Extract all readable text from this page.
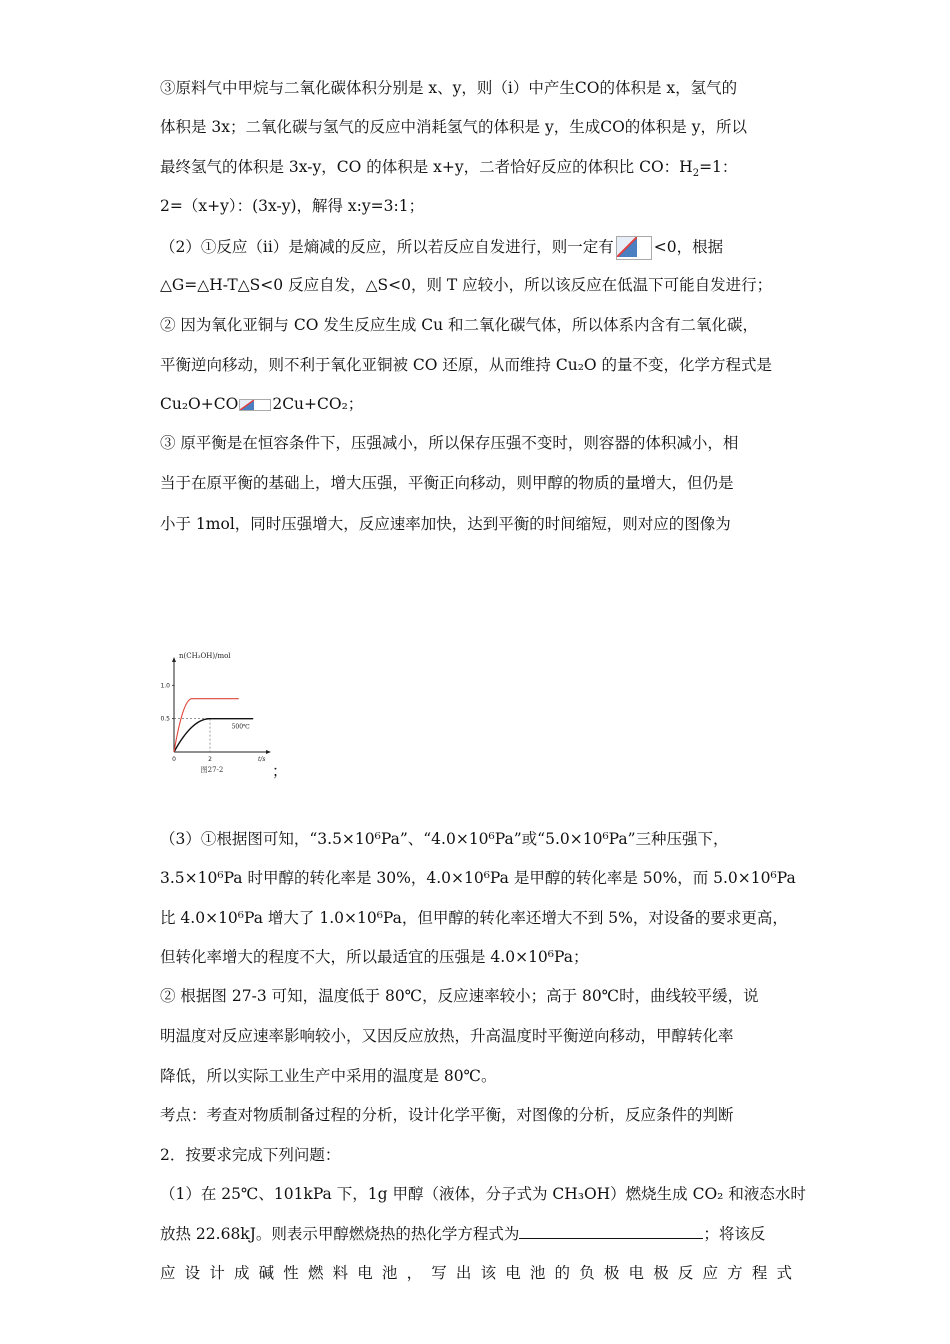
③原料气中甲烷与二氧化碳体积分别是 x、y，则（i）中产生CO的体积是 x，氢气的
体积是 3x；二氧化碳与氢气的反应中消耗氢气的体积是 y，生成CO的体积是 y，所以
最终氢气的体积是 3x-y，CO 的体积是 x+y，二者恰好反应的体积比 CO：$H_2=1$：
2=（x+y）：(3x-y)，解得 x:y=3:1；
（2）①反应（ii）是熵减的反应，所以若反应自发进行，则一定有	<0，根据
△G=△H-T△S<0 反应自发，△S<0，则 T 应较小，所以该反应在低温下可能自发进行；
② 因为氧化亚铜与 CO 发生反应生成 Cu 和二氧化碳气体，所以体系内含有二氧化碳，
平衡逆向移动，则不利于氧化亚铜被 CO 还原，从而维持 Cu₂O 的量不变，化学方程式是
Cu₂O+CO 2Cu+CO₂；
③ 原平衡是在恒容条件下，压强减小，所以保存压强不变时，则容器的体积减小，相
当于在原平衡的基础上，增大压强，平衡正向移动，则甲醇的物质的量增大，但仍是
小于 1mol，同时压强增大，反应速率加快，达到平衡的时间缩短，则对应的图像为
n(CH₃OH)/mol
t/s
1.0
0.5
0	2
500℃
图27-2	；
（3）①根据图可知，“3.5×10⁶Pa”、“4.0×10⁶Pa”或“5.0×10⁶Pa”三种压强下，
3.5×10⁶Pa 时甲醇的转化率是 30%，4.0×10⁶Pa 是甲醇的转化率是 50%，而 5.0×10⁶Pa
比 4.0×10⁶Pa 增大了 1.0×10⁶Pa，但甲醇的转化率还增大不到 5%，对设备的要求更高，
但转化率增大的程度不大，所以最适宜的压强是 4.0×10⁶Pa；
② 根据图 27-3 可知，温度低于 80℃，反应速率较小；高于 80℃时，曲线较平缓，说
明温度对反应速率影响较小，又因反应放热，升高温度时平衡逆向移动，甲醇转化率
降低，所以实际工业生产中采用的温度是 80℃。
考点：考查对物质制备过程的分析，设计化学平衡，对图像的分析，反应条件的判断
2．按要求完成下列问题：
（1）在 25℃、101kPa 下，1g 甲醇（液体，分子式为 CH₃OH）燃烧生成 CO₂ 和液态水时
放热 22.68kJ。则表示甲醇燃烧热的热化学方程式为	；将该反
应设计成碱性燃料电池，写出该电池的负极电极反应方程式
